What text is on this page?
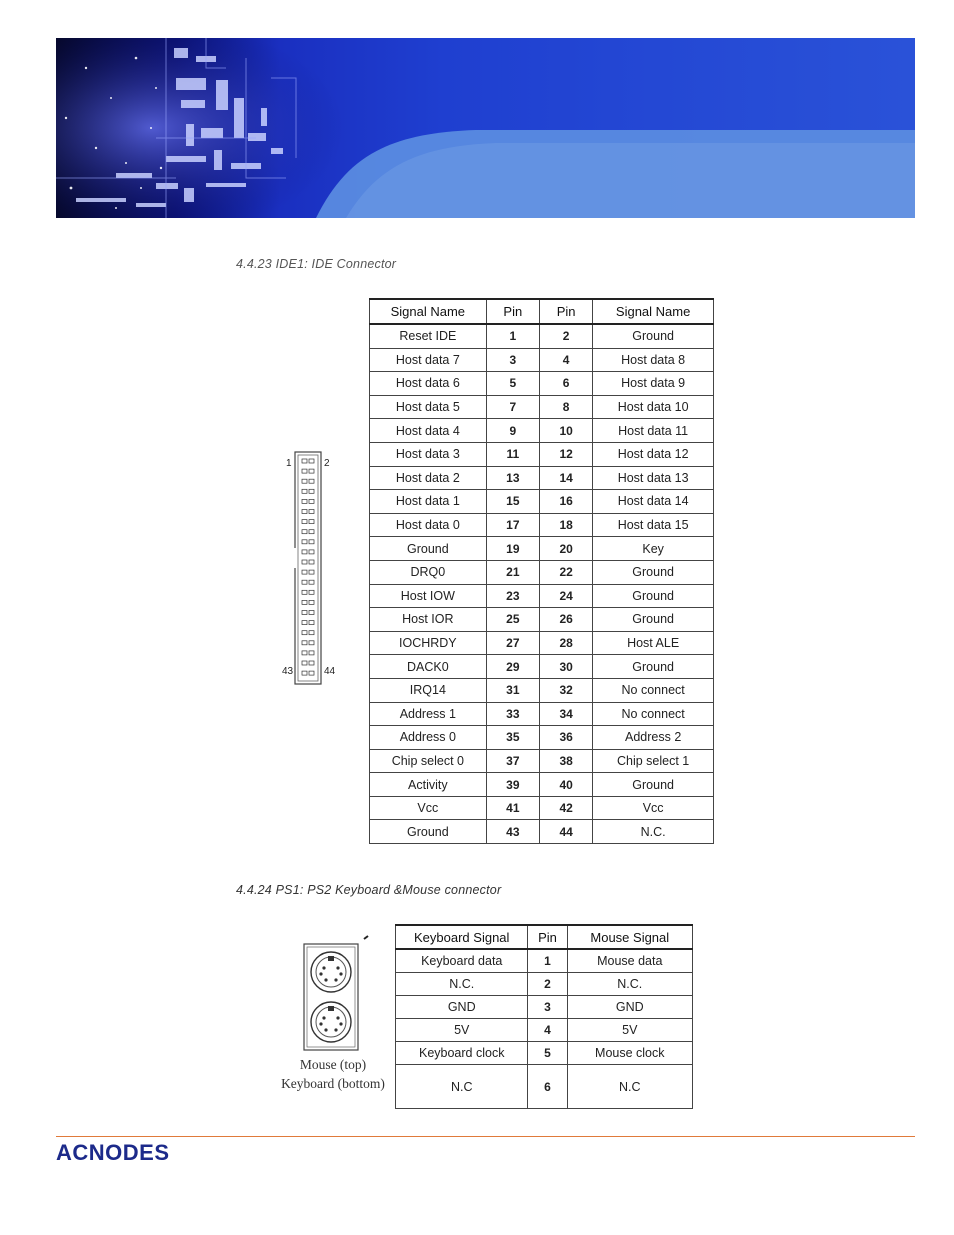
4.4.23 IDE1: IDE Connector
1	2
43	44
Signal Name	Pin	Pin	Signal Name
Reset IDE	1	2	Ground
Host data 7	3	4	Host data 8
Host data 6	5	6	Host data 9
Host data 5	7	8	Host data 10
Host data 4	9	10	Host data 11
Host data 3	11	12	Host data 12
Host data 2	13	14	Host data 13
Host data 1	15	16	Host data 14
Host data 0	17	18	Host data 15
Ground	19	20	Key
DRQ0	21	22	Ground
Host IOW	23	24	Ground
Host IOR	25	26	Ground
IOCHRDY	27	28	Host ALE
DACK0	29	30	Ground
IRQ14	31	32	No connect
Address 1	33	34	No connect
Address 0	35	36	Address 2
Chip select 0	37	38	Chip select 1
Activity	39	40	Ground
Vcc	41	42	Vcc
Ground	43	44	N.C.
4.4.24 PS1: PS2 Keyboard &Mouse connector
Mouse (top)
Keyboard (bottom)
Keyboard Signal	Pin	Mouse Signal
Keyboard data	1	Mouse data
N.C.	2	N.C.
GND	3	GND
5V	4	5V
Keyboard clock	5	Mouse clock
N.C	6	N.C
ACNODES
